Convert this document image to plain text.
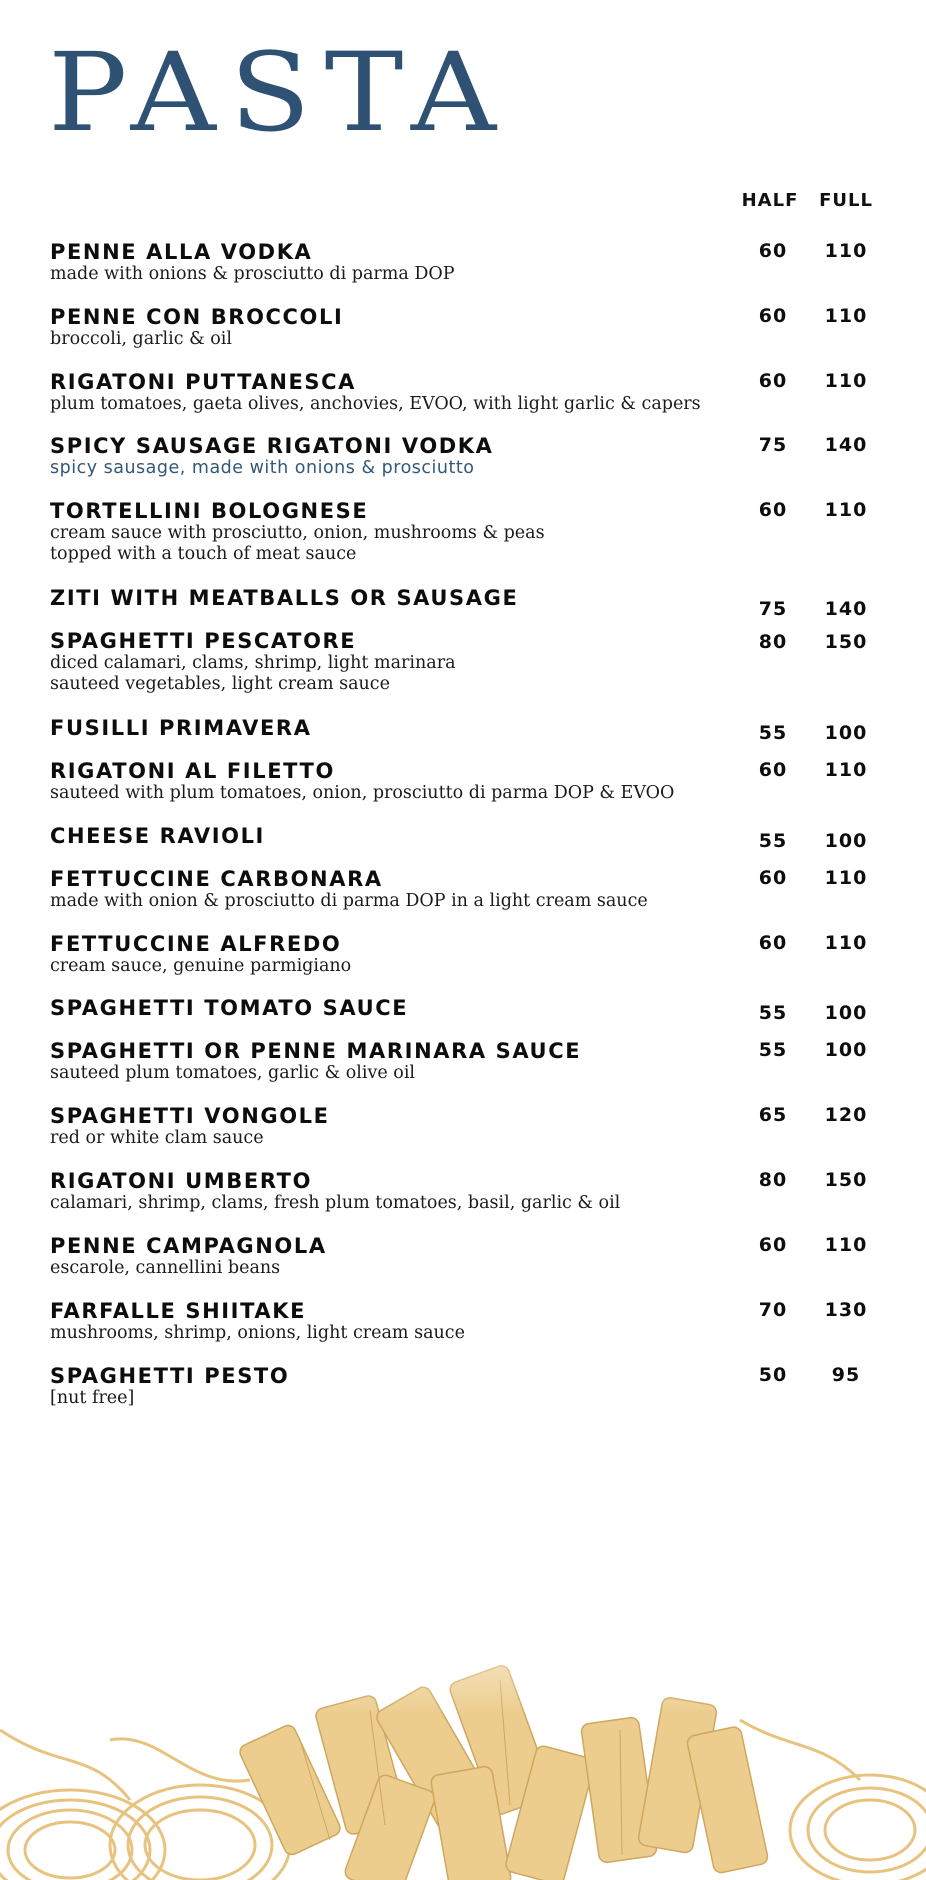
PASTA
HALF	FULL
PENNE ALLA VODKA
made with onions & prosciutto di parma DOP
60	110
PENNE CON BROCCOLI
broccoli, garlic & oil
60	110
RIGATONI PUTTANESCA
plum tomatoes, gaeta olives, anchovies, EVOO, with light garlic & capers
60	110
SPICY SAUSAGE RIGATONI VODKA
spicy sausage, made with onions & prosciutto
75	140
TORTELLINI BOLOGNESE
cream sauce with prosciutto, onion, mushrooms & peas
topped with a touch of meat sauce
60	110
ZITI WITH MEATBALLS OR SAUSAGE	75	140
SPAGHETTI PESCATORE
diced calamari, clams, shrimp, light marinara
sauteed vegetables, light cream sauce
80	150
FUSILLI PRIMAVERA	55	100
RIGATONI AL FILETTO
sauteed with plum tomatoes, onion, prosciutto di parma DOP & EVOO
60	110
CHEESE RAVIOLI	55	100
FETTUCCINE CARBONARA
made with onion & prosciutto di parma DOP in a light cream sauce
60	110
FETTUCCINE ALFREDO
cream sauce, genuine parmigiano
60	110
SPAGHETTI TOMATO SAUCE	55	100
SPAGHETTI OR PENNE MARINARA SAUCE
sauteed plum tomatoes, garlic & olive oil
55	100
SPAGHETTI VONGOLE
red or white clam sauce
65	120
RIGATONI UMBERTO
calamari, shrimp, clams, fresh plum tomatoes, basil, garlic & oil
80	150
PENNE CAMPAGNOLA
escarole, cannellini beans
60	110
FARFALLE SHIITAKE
mushrooms, shrimp, onions, light cream sauce
70	130
SPAGHETTI PESTO
[nut free]
50	95
